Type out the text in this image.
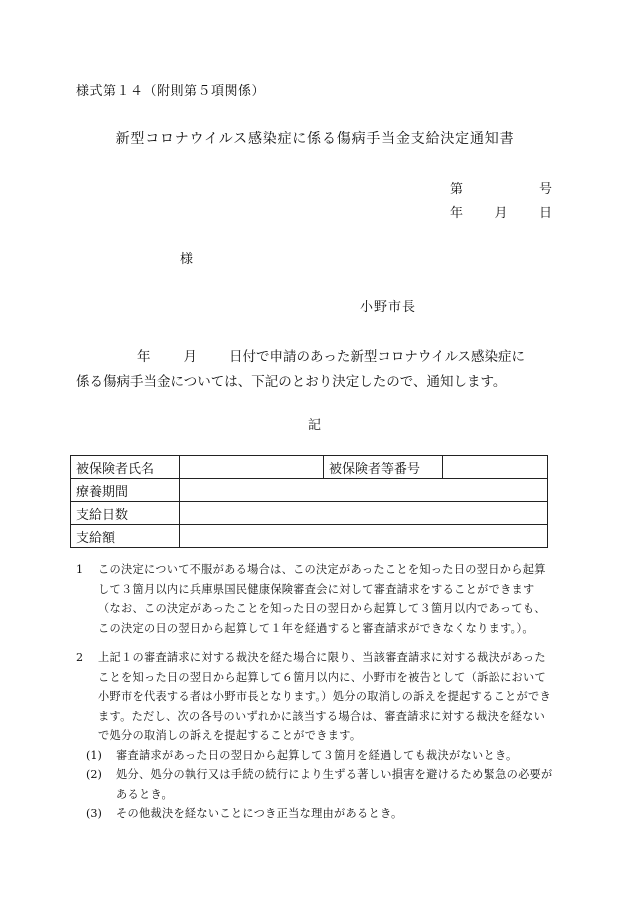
様式第１４（附則第５項関係）
新型コロナウイルス感染症に係る傷病手当金支給決定通知書
第	号
年 月 日
様
小野市長
年 月 日付で申請のあった新型コロナウイルス感染症に
係る傷病手当金については、下記のとおり決定したので、通知します。
記
被保険者氏名		被保険者等番号	
療養期間			
支給日数			
支給額			
1	この決定について不服がある場合は、この決定があったことを知った日の翌日から起算して３箇月以内に兵庫県国民健康保険審査会に対して審査請求をすることができます（なお、この決定があったことを知った日の翌日から起算して３箇月以内であっても、この決定の日の翌日から起算して１年を経過すると審査請求ができなくなります。）。
2	上記１の審査請求に対する裁決を経た場合に限り、当該審査請求に対する裁決があったことを知った日の翌日から起算して６箇月以内に、小野市を被告として（訴訟において小野市を代表する者は小野市長となります。）処分の取消しの訴えを提起することができます。ただし、次の各号のいずれかに該当する場合は、審査請求に対する裁決を経ないで処分の取消しの訴えを提起することができます。
(1)	審査請求があった日の翌日から起算して３箇月を経過しても裁決がないとき。
(2)	処分、処分の執行又は手続の続行により生ずる著しい損害を避けるため緊急の必要があるとき。
(3)	その他裁決を経ないことにつき正当な理由があるとき。
